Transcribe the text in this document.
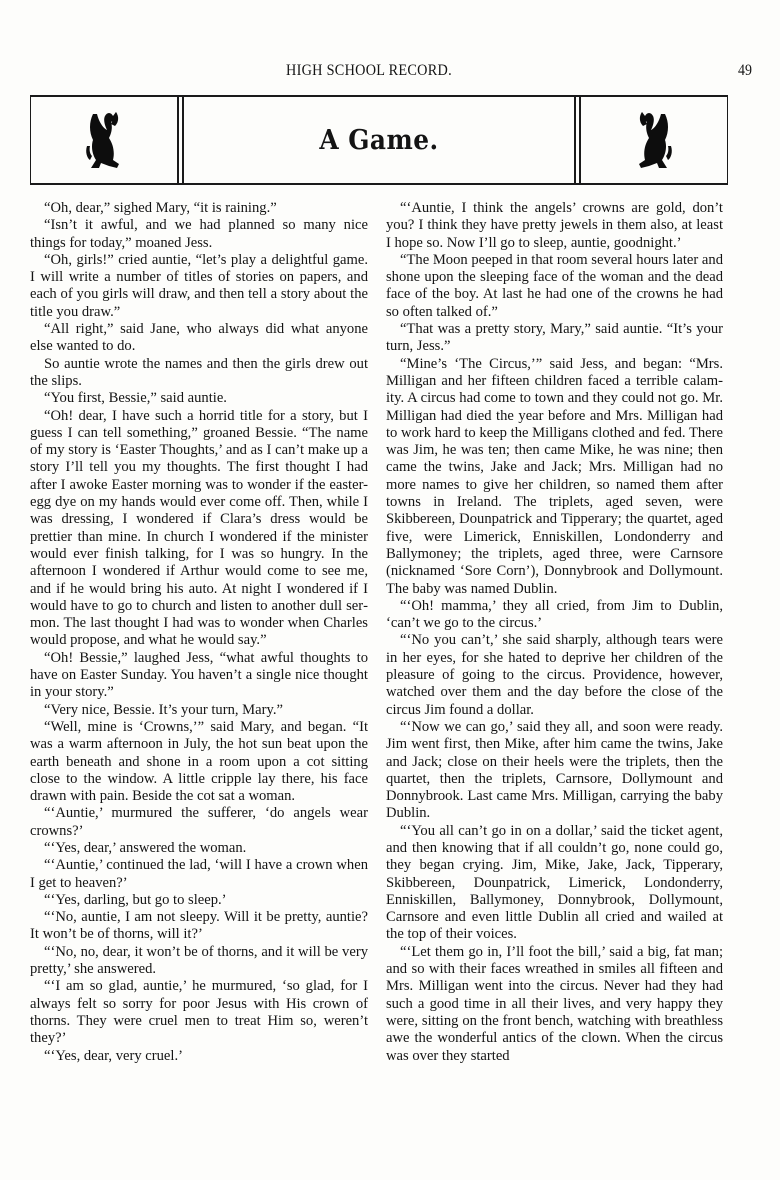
HIGH SCHOOL RECORD.	49
A Game.

“Oh, dear,” sighed Mary, “it is raining.”

“Isn’t it awful, and we had planned so many nice things for today,” moaned Jess.

“Oh, girls!” cried auntie, “let’s play a delightful game. I will write a number of titles of stories on papers, and each of you girls will draw, and then tell a story about the title you draw.”

“All right,” said Jane, who always did what anyone else wanted to do.

So auntie wrote the names and then the girls drew out the slips.

“You first, Bessie,” said auntie.

“Oh! dear, I have such a horrid title for a story, but I guess I can tell something,” groaned Bessie. “The name of my story is ‘Easter Thoughts,’ and as I can’t make up a story I’ll tell you my thoughts. The first thought I had after I awoke Easter morning was to wonder if the easter-egg dye on my hands would ever come off. Then, while I was dressing, I wondered if Clara’s dress would be prettier than mine. In church I wondered if the minister would ever finish talking, for I was so hungry. In the afternoon I wondered if Arthur would come to see me, and if he would bring his auto. At night I wondered if I would have to go to church and listen to another dull sermon. The last thought I had was to wonder when Charles would propose, and what he would say.”

“Oh! Bessie,” laughed Jess, “what awful thoughts to have on Easter Sunday. You haven’t a single nice thought in your story.”

“Very nice, Bessie. It’s your turn, Mary.”

“Well, mine is ‘Crowns,’” said Mary, and began. “It was a warm afternoon in July, the hot sun beat upon the earth beneath and shone in a room upon a cot sitting close to the window. A little cripple lay there, his face drawn with pain. Beside the cot sat a woman.

“‘Auntie,’ murmured the sufferer, ‘do angels wear crowns?’

“‘Yes, dear,’ answered the woman.

“‘Auntie,’ continued the lad, ‘will I have a crown when I get to heaven?’

“‘Yes, darling, but go to sleep.’

“‘No, auntie, I am not sleepy. Will it be pretty, auntie? It won’t be of thorns, will it?’

“‘No, no, dear, it won’t be of thorns, and it will be very pretty,’ she answered.

“‘I am so glad, auntie,’ he murmured, ‘so glad, for I always felt so sorry for poor Jesus with His crown of thorns. They were cruel men to treat Him so, weren’t they?’

“‘Yes, dear, very cruel.’

“‘Auntie, I think the angels’ crowns are gold, don’t you? I think they have pretty jewels in them also, at least I hope so. Now I’ll go to sleep, auntie, goodnight.’

“The Moon peeped in that room several hours later and shone upon the sleeping face of the woman and the dead face of the boy. At last he had one of the crowns he had so often talked of.”

“That was a pretty story, Mary,” said auntie. “It’s your turn, Jess.”

“Mine’s ‘The Circus,’” said Jess, and began: “Mrs. Milligan and her fifteen children faced a terrible calamity. A circus had come to town and they could not go. Mr. Milligan had died the year before and Mrs. Milligan had to work hard to keep the Milligans clothed and fed. There was Jim, he was ten; then came Mike, he was nine; then came the twins, Jake and Jack; Mrs. Milligan had no more names to give her children, so named them after towns in Ireland. The triplets, aged seven, were Skibbereen, Dounpatrick and Tipperary; the quartet, aged five, were Limerick, Enniskillen, Londonderry and Ballymoney; the triplets, aged three, were Carnsore (nicknamed ‘Sore Corn’), Donnybrook and Dollymount. The baby was named Dublin.

“‘Oh! mamma,’ they all cried, from Jim to Dublin, ‘can’t we go to the circus.’

“‘No you can’t,’ she said sharply, although tears were in her eyes, for she hated to deprive her children of the pleasure of going to the circus. Providence, however, watched over them and the day before the close of the circus Jim found a dollar.

“‘Now we can go,’ said they all, and soon were ready. Jim went first, then Mike, after him came the twins, Jake and Jack; close on their heels were the triplets, then the quartet, then the triplets, Carnsore, Dollymount and Donnybrook. Last came Mrs. Milligan, carrying the baby Dublin.

“‘You all can’t go in on a dollar,’ said the ticket agent, and then knowing that if all couldn’t go, none could go, they began crying. Jim, Mike, Jake, Jack, Tipperary, Skibbereen, Dounpatrick, Limerick, Londonderry, Enniskillen, Ballymoney, Donnybrook, Dollymount, Carnsore and even little Dublin all cried and wailed at the top of their voices.

“‘Let them go in, I’ll foot the bill,’ said a big, fat man; and so with their faces wreathed in smiles all fifteen and Mrs. Milligan went into the circus. Never had they had such a good time in all their lives, and very happy they were, sitting on the front bench, watching with breathless awe the wonderful antics of the clown. When the circus was over they started
